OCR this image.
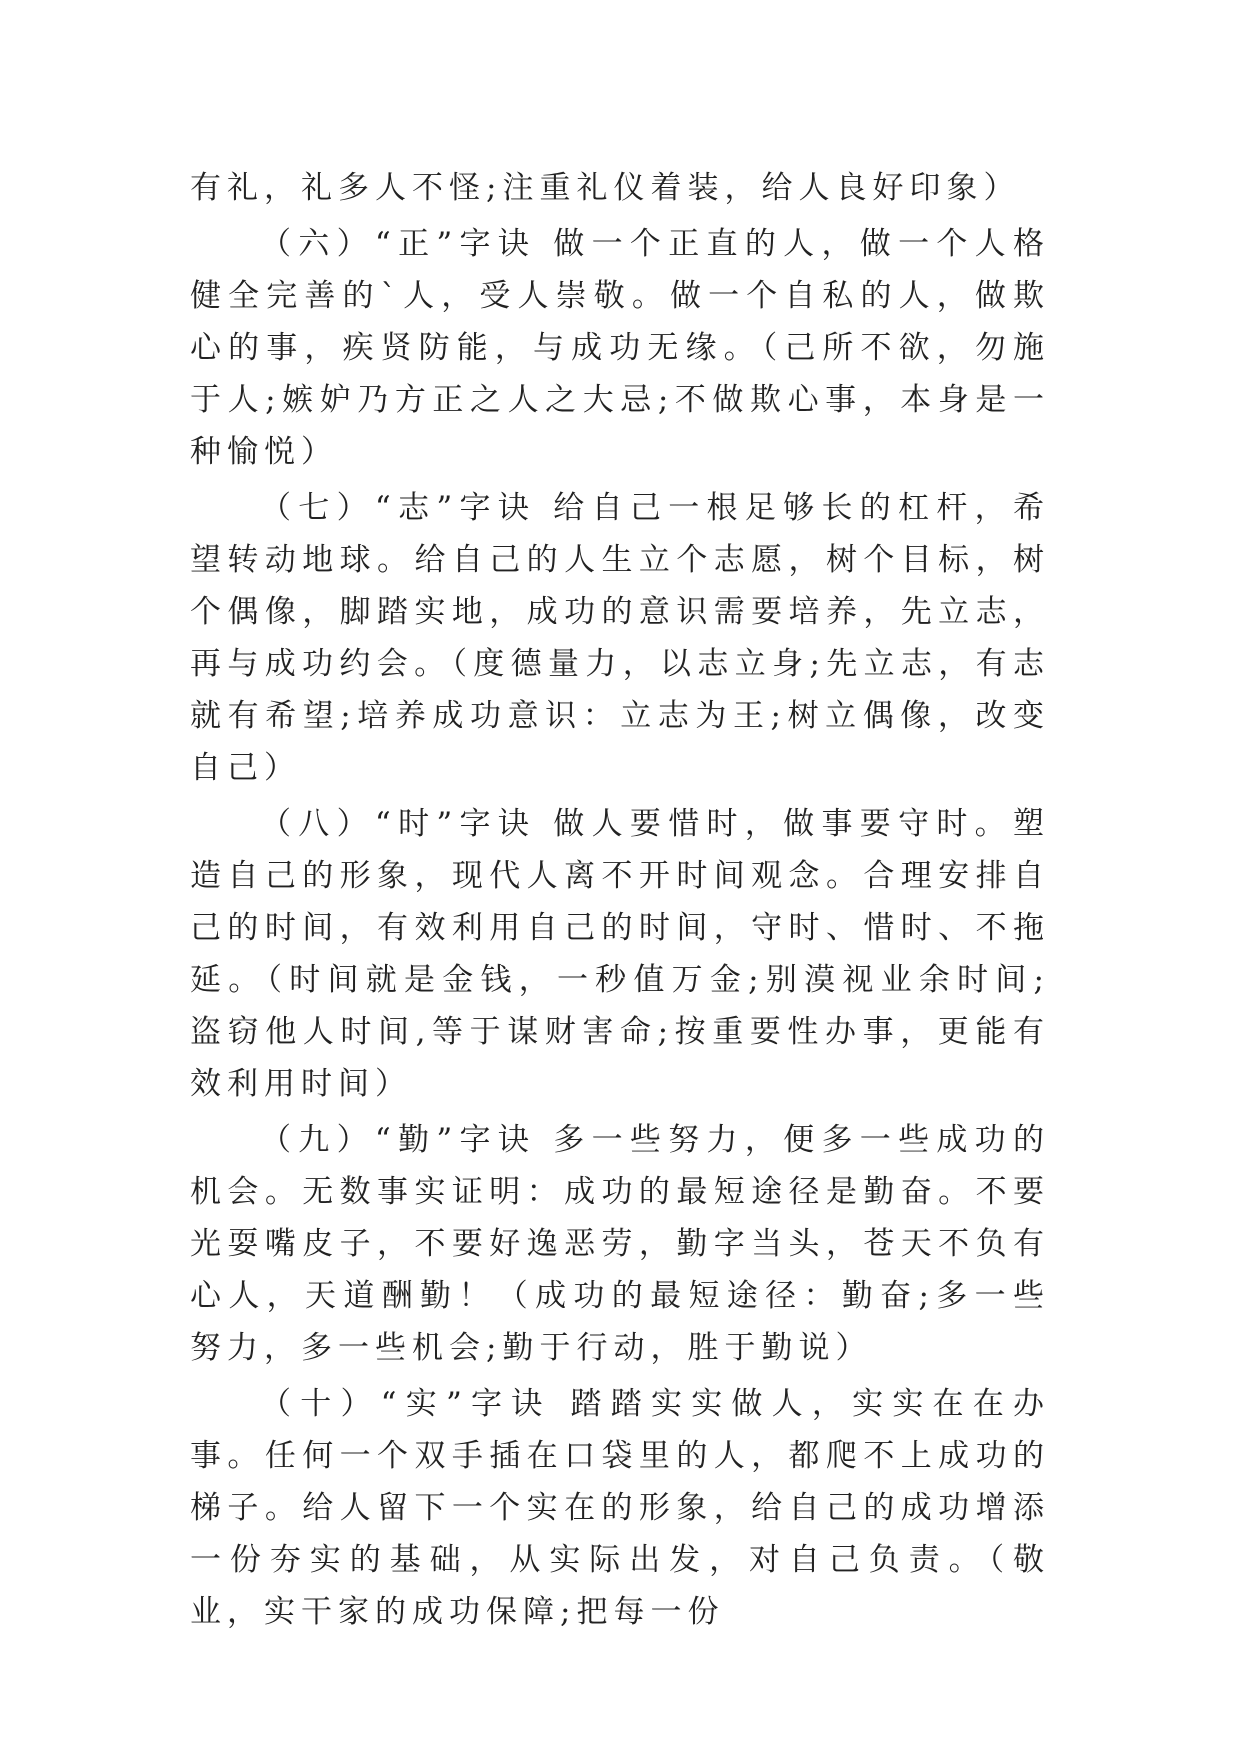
有礼，礼多人不怪;注重礼仪着装，给人良好印象）

（六）“正”字诀 做一个正直的人，做一个人格健全完善的`人，受人崇敬。做一个自私的人，做欺心的事，疾贤防能，与成功无缘。（己所不欲，勿施于人;嫉妒乃方正之人之大忌;不做欺心事，本身是一种愉悦）

（七）“志”字诀 给自己一根足够长的杠杆，希望转动地球。给自己的人生立个志愿，树个目标，树个偶像，脚踏实地，成功的意识需要培养，先立志，再与成功约会。（度德量力，以志立身;先立志，有志就有希望;培养成功意识：立志为王;树立偶像，改变自己）

（八）“时”字诀 做人要惜时，做事要守时。塑造自己的形象，现代人离不开时间观念。合理安排自己的时间，有效利用自己的时间，守时、惜时、不拖延。（时间就是金钱，一秒值万金;别漠视业余时间;盗窃他人时间,等于谋财害命;按重要性办事，更能有效利用时间）

（九）“勤”字诀 多一些努力，便多一些成功的机会。无数事实证明：成功的最短途径是勤奋。不要光耍嘴皮子，不要好逸恶劳，勤字当头，苍天不负有心人，天道酬勤！（成功的最短途径：勤奋;多一些努力，多一些机会;勤于行动，胜于勤说）

（十）“实”字诀 踏踏实实做人，实实在在办事。任何一个双手插在口袋里的人，都爬不上成功的梯子。给人留下一个实在的形象，给自己的成功增添一份夯实的基础，从实际出发，对自己负责。（敬业，实干家的成功保障;把每一份
